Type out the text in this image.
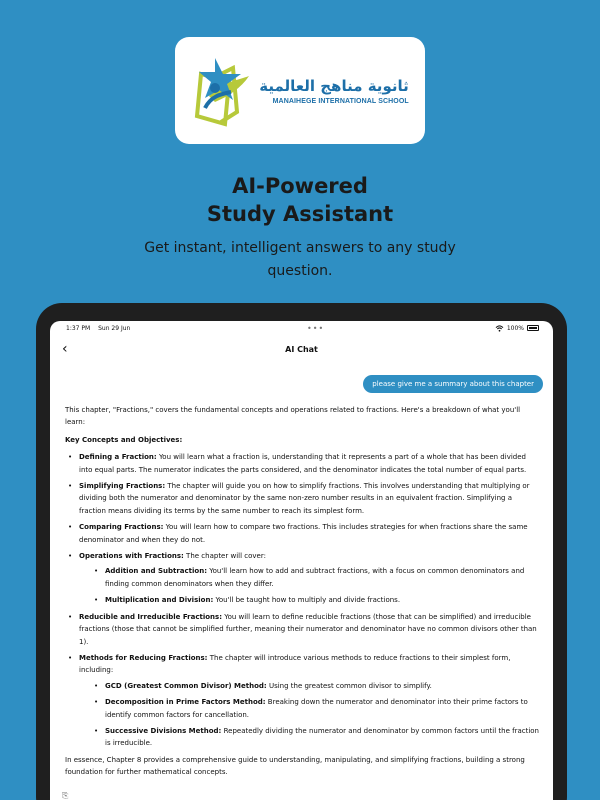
ثانوية مناهج العالمية
MANAIHEGE INTERNATIONAL SCHOOL
AI-Powered
Study Assistant
Get instant, intelligent answers to any study question.
1:37 PM Sun 29 Jun	•••	100%
‹	AI Chat
please give me a summary about this chapter

This chapter, "Fractions," covers the fundamental concepts and operations related to fractions. Here's a breakdown of what you'll learn:

Key Concepts and Objectives:

• Defining a Fraction: You will learn what a fraction is, understanding that it represents a part of a whole that has been divided into equal parts. The numerator indicates the parts considered, and the denominator indicates the total number of equal parts.
• Simplifying Fractions: The chapter will guide you on how to simplify fractions. This involves understanding that multiplying or dividing both the numerator and denominator by the same non-zero number results in an equivalent fraction. Simplifying a fraction means dividing its terms by the same number to reach its simplest form.
• Comparing Fractions: You will learn how to compare two fractions. This includes strategies for when fractions share the same denominator and when they do not.
• Operations with Fractions: The chapter will cover:
• Addition and Subtraction: You'll learn how to add and subtract fractions, with a focus on common denominators and finding common denominators when they differ.
• Multiplication and Division: You'll be taught how to multiply and divide fractions.
• Reducible and Irreducible Fractions: You will learn to define reducible fractions (those that can be simplified) and irreducible fractions (those that cannot be simplified further, meaning their numerator and denominator have no common divisors other than 1).
• Methods for Reducing Fractions: The chapter will introduce various methods to reduce fractions to their simplest form, including:
• GCD (Greatest Common Divisor) Method: Using the greatest common divisor to simplify.
• Decomposition in Prime Factors Method: Breaking down the numerator and denominator into their prime factors to identify common factors for cancellation.
• Successive Divisions Method: Repeatedly dividing the numerator and denominator by common factors until the fraction is irreducible.

In essence, Chapter 8 provides a comprehensive guide to understanding, manipulating, and simplifying fractions, building a strong foundation for further mathematical concepts.

⎘
